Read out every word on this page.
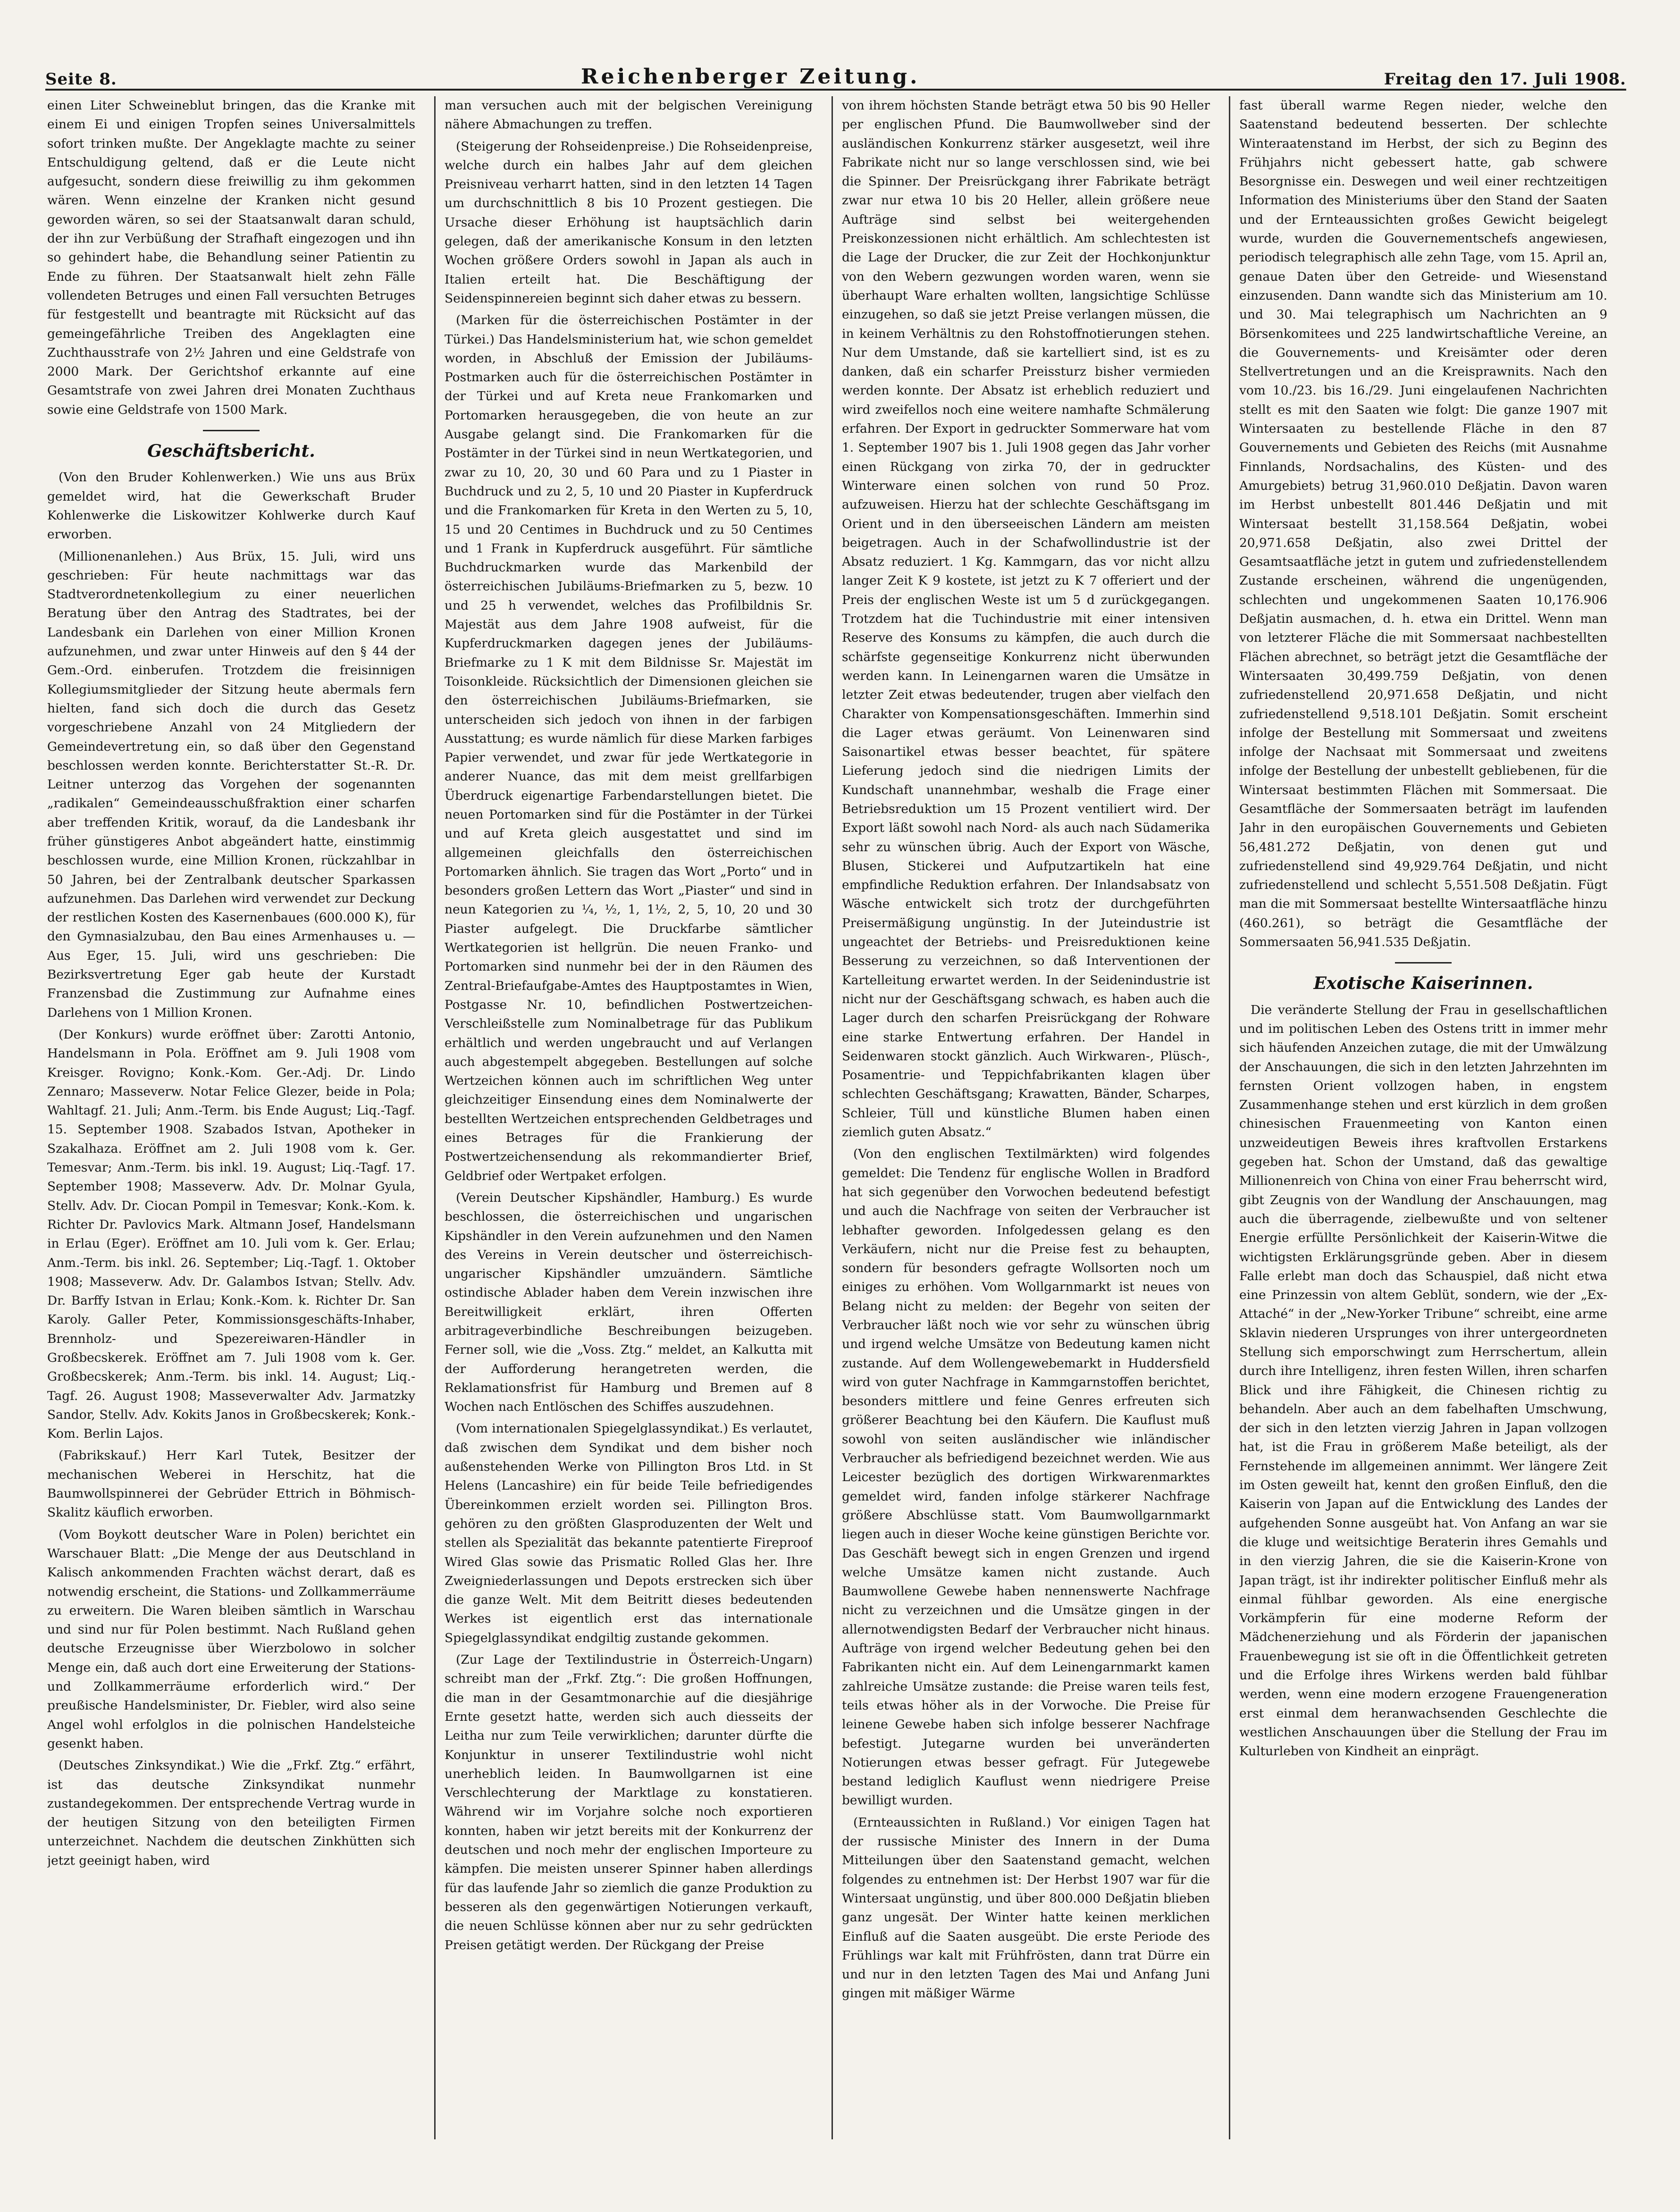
Seite 8.	Reichenberger Zeitung.	Freitag den 17. Juli 1908.

einen Liter Schweineblut bringen, das die Kranke mit einem Ei und einigen Tropfen seines Universalmittels sofort trinken mußte. Der Angeklagte machte zu seiner Entschuldigung geltend, daß er die Leute nicht aufgesucht, sondern diese freiwillig zu ihm gekommen wären. Wenn einzelne der Kranken nicht gesund geworden wären, so sei der Staatsanwalt daran schuld, der ihn zur Verbüßung der Strafhaft eingezogen und ihn so gehindert habe, die Behandlung seiner Patientin zu Ende zu führen. Der Staatsanwalt hielt zehn Fälle vollendeten Betruges und einen Fall versuchten Betruges für festgestellt und beantragte mit Rücksicht auf das gemeingefährliche Treiben des Angeklagten eine Zuchthausstrafe von 2½ Jahren und eine Geldstrafe von 2000 Mark. Der Gerichtshof erkannte auf eine Gesamtstrafe von zwei Jahren drei Monaten Zuchthaus sowie eine Geldstrafe von 1500 Mark.

Geschäftsbericht.

(Von den Bruder Kohlenwerken.) Wie uns aus Brüx gemeldet wird, hat die Gewerkschaft Bruder Kohlenwerke die Liskowitzer Kohlwerke durch Kauf erworben.

(Millionenanlehen.) Aus Brüx, 15. Juli, wird uns geschrieben: Für heute nachmittags war das Stadtverordnetenkollegium zu einer neuerlichen Beratung über den Antrag des Stadtrates, bei der Landesbank ein Darlehen von einer Million Kronen aufzunehmen, und zwar unter Hinweis auf den § 44 der Gem.-Ord. einberufen. Trotzdem die freisinnigen Kollegiumsmitglieder der Sitzung heute abermals fern hielten, fand sich doch die durch das Gesetz vorgeschriebene Anzahl von 24 Mitgliedern der Gemeindevertretung ein, so daß über den Gegenstand beschlossen werden konnte. Berichterstatter St.-R. Dr. Leitner unterzog das Vorgehen der sogenannten „radikalen“ Gemeindeausschußfraktion einer scharfen aber treffenden Kritik, worauf, da die Landesbank ihr früher günstigeres Anbot abgeändert hatte, einstimmig beschlossen wurde, eine Million Kronen, rückzahlbar in 50 Jahren, bei der Zentralbank deutscher Sparkassen aufzunehmen. Das Darlehen wird verwendet zur Deckung der restlichen Kosten des Kasernenbaues (600.000 K), für den Gymnasialzubau, den Bau eines Armenhauses u. — Aus Eger, 15. Juli, wird uns geschrieben: Die Bezirksvertretung Eger gab heute der Kurstadt Franzensbad die Zustimmung zur Aufnahme eines Darlehens von 1 Million Kronen.

(Der Konkurs) wurde eröffnet über: Zarotti Antonio, Handelsmann in Pola. Eröffnet am 9. Juli 1908 vom Kreisger. Rovigno; Konk.-Kom. Ger.-Adj. Dr. Lindo Zennaro; Masseverw. Notar Felice Glezer, beide in Pola; Wahltagf. 21. Juli; Anm.-Term. bis Ende August; Liq.-Tagf. 15. September 1908. Szabados Istvan, Apotheker in Szakalhaza. Eröffnet am 2. Juli 1908 vom k. Ger. Temesvar; Anm.-Term. bis inkl. 19. August; Liq.-Tagf. 17. September 1908; Masseverw. Adv. Dr. Molnar Gyula, Stellv. Adv. Dr. Ciocan Pompil in Temesvar; Konk.-Kom. k. Richter Dr. Pavlovics Mark. Altmann Josef, Handelsmann in Erlau (Eger). Eröffnet am 10. Juli vom k. Ger. Erlau; Anm.-Term. bis inkl. 26. September; Liq.-Tagf. 1. Oktober 1908; Masseverw. Adv. Dr. Galambos Istvan; Stellv. Adv. Dr. Barffy Istvan in Erlau; Konk.-Kom. k. Richter Dr. San Karoly. Galler Peter, Kommissionsgeschäfts-Inhaber, Brennholz- und Spezereiwaren-Händler in Großbecskerek. Eröffnet am 7. Juli 1908 vom k. Ger. Großbecskerek; Anm.-Term. bis inkl. 14. August; Liq.-Tagf. 26. August 1908; Masseverwalter Adv. Jarmatzky Sandor, Stellv. Adv. Kokits Janos in Großbecskerek; Konk.-Kom. Berlin Lajos.

(Fabrikskauf.) Herr Karl Tutek, Besitzer der mechanischen Weberei in Herschitz, hat die Baumwollspinnerei der Gebrüder Ettrich in Böhmisch-Skalitz käuflich erworben.

(Vom Boykott deutscher Ware in Polen) berichtet ein Warschauer Blatt: „Die Menge der aus Deutschland in Kalisch ankommenden Frachten wächst derart, daß es notwendig erscheint, die Stations- und Zollkammerräume zu erweitern. Die Waren bleiben sämtlich in Warschau und sind nur für Polen bestimmt. Nach Rußland gehen deutsche Erzeugnisse über Wierzbolowo in solcher Menge ein, daß auch dort eine Erweiterung der Stations- und Zollkammerräume erforderlich wird.“ Der preußische Handelsminister, Dr. Fiebler, wird also seine Angel wohl erfolglos in die polnischen Handelsteiche gesenkt haben.

(Deutsches Zinksyndikat.) Wie die „Frkf. Ztg.“ erfährt, ist das deutsche Zinksyndikat nunmehr zustandegekommen. Der entsprechende Vertrag wurde in der heutigen Sitzung von den beteiligten Firmen unterzeichnet. Nachdem die deutschen Zinkhütten sich jetzt geeinigt haben, wird

man versuchen auch mit der belgischen Vereinigung nähere Abmachungen zu treffen.

(Steigerung der Rohseidenpreise.) Die Rohseidenpreise, welche durch ein halbes Jahr auf dem gleichen Preisniveau verharrt hatten, sind in den letzten 14 Tagen um durchschnittlich 8 bis 10 Prozent gestiegen. Die Ursache dieser Erhöhung ist hauptsächlich darin gelegen, daß der amerikanische Konsum in den letzten Wochen größere Orders sowohl in Japan als auch in Italien erteilt hat. Die Beschäftigung der Seidenspinnereien beginnt sich daher etwas zu bessern.

(Marken für die österreichischen Postämter in der Türkei.) Das Handelsministerium hat, wie schon gemeldet worden, in Abschluß der Emission der Jubiläums-Postmarken auch für die österreichischen Postämter in der Türkei und auf Kreta neue Frankomarken und Portomarken herausgegeben, die von heute an zur Ausgabe gelangt sind. Die Frankomarken für die Postämter in der Türkei sind in neun Wertkategorien, und zwar zu 10, 20, 30 und 60 Para und zu 1 Piaster in Buchdruck und zu 2, 5, 10 und 20 Piaster in Kupferdruck und die Frankomarken für Kreta in den Werten zu 5, 10, 15 und 20 Centimes in Buchdruck und zu 50 Centimes und 1 Frank in Kupferdruck ausgeführt. Für sämtliche Buchdruckmarken wurde das Markenbild der österreichischen Jubiläums-Briefmarken zu 5, bezw. 10 und 25 h verwendet, welches das Profilbildnis Sr. Majestät aus dem Jahre 1908 aufweist, für die Kupferdruckmarken dagegen jenes der Jubiläums-Briefmarke zu 1 K mit dem Bildnisse Sr. Majestät im Toisonkleide. Rücksichtlich der Dimensionen gleichen sie den österreichischen Jubiläums-Briefmarken, sie unterscheiden sich jedoch von ihnen in der farbigen Ausstattung; es wurde nämlich für diese Marken farbiges Papier verwendet, und zwar für jede Wertkategorie in anderer Nuance, das mit dem meist grellfarbigen Überdruck eigenartige Farbendarstellungen bietet. Die neuen Portomarken sind für die Postämter in der Türkei und auf Kreta gleich ausgestattet und sind im allgemeinen gleichfalls den österreichischen Portomarken ähnlich. Sie tragen das Wort „Porto“ und in besonders großen Lettern das Wort „Piaster“ und sind in neun Kategorien zu ¼, ½, 1, 1½, 2, 5, 10, 20 und 30 Piaster aufgelegt. Die Druckfarbe sämtlicher Wertkategorien ist hellgrün. Die neuen Franko- und Portomarken sind nunmehr bei der in den Räumen des Zentral-Briefaufgabe-Amtes des Hauptpostamtes in Wien, Postgasse Nr. 10, befindlichen Postwertzeichen-Verschleißstelle zum Nominalbetrage für das Publikum erhältlich und werden ungebraucht und auf Verlangen auch abgestempelt abgegeben. Bestellungen auf solche Wertzeichen können auch im schriftlichen Weg unter gleichzeitiger Einsendung eines dem Nominalwerte der bestellten Wertzeichen entsprechenden Geldbetrages und eines Betrages für die Frankierung der Postwertzeichensendung als rekommandierter Brief, Geldbrief oder Wertpaket erfolgen.

(Verein Deutscher Kipshändler, Hamburg.) Es wurde beschlossen, die österreichischen und ungarischen Kipshändler in den Verein aufzunehmen und den Namen des Vereins in Verein deutscher und österreichisch-ungarischer Kipshändler umzuändern. Sämtliche ostindische Ablader haben dem Verein inzwischen ihre Bereitwilligkeit erklärt, ihren Offerten arbitrageverbindliche Beschreibungen beizugeben. Ferner soll, wie die „Voss. Ztg.“ meldet, an Kalkutta mit der Aufforderung herangetreten werden, die Reklamationsfrist für Hamburg und Bremen auf 8 Wochen nach Entlöschen des Schiffes auszudehnen.

(Vom internationalen Spiegelglassyndikat.) Es verlautet, daß zwischen dem Syndikat und dem bisher noch außenstehenden Werke von Pillington Bros Ltd. in St Helens (Lancashire) ein für beide Teile befriedigendes Übereinkommen erzielt worden sei. Pillington Bros. gehören zu den größten Glasproduzenten der Welt und stellen als Spezialität das bekannte patentierte Fireproof Wired Glas sowie das Prismatic Rolled Glas her. Ihre Zweigniederlassungen und Depots erstrecken sich über die ganze Welt. Mit dem Beitritt dieses bedeutenden Werkes ist eigentlich erst das internationale Spiegelglassyndikat endgiltig zustande gekommen.

(Zur Lage der Textilindustrie in Österreich-Ungarn) schreibt man der „Frkf. Ztg.“: Die großen Hoffnungen, die man in der Gesamtmonarchie auf die diesjährige Ernte gesetzt hatte, werden sich auch diesseits der Leitha nur zum Teile verwirklichen; darunter dürfte die Konjunktur in unserer Textilindustrie wohl nicht unerheblich leiden. In Baumwollgarnen ist eine Verschlechterung der Marktlage zu konstatieren. Während wir im Vorjahre solche noch exportieren konnten, haben wir jetzt bereits mit der Konkurrenz der deutschen und noch mehr der englischen Importeure zu kämpfen. Die meisten unserer Spinner haben allerdings für das laufende Jahr so ziemlich die ganze Produktion zu besseren als den gegenwärtigen Notierungen verkauft, die neuen Schlüsse können aber nur zu sehr gedrückten Preisen getätigt werden. Der Rückgang der Preise

von ihrem höchsten Stande beträgt etwa 50 bis 90 Heller per englischen Pfund. Die Baumwollweber sind der ausländischen Konkurrenz stärker ausgesetzt, weil ihre Fabrikate nicht nur so lange verschlossen sind, wie bei die Spinner. Der Preisrückgang ihrer Fabrikate beträgt zwar nur etwa 10 bis 20 Heller, allein größere neue Aufträge sind selbst bei weitergehenden Preiskonzessionen nicht erhältlich. Am schlechtesten ist die Lage der Drucker, die zur Zeit der Hochkonjunktur von den Webern gezwungen worden waren, wenn sie überhaupt Ware erhalten wollten, langsichtige Schlüsse einzugehen, so daß sie jetzt Preise verlangen müssen, die in keinem Verhältnis zu den Rohstoffnotierungen stehen. Nur dem Umstande, daß sie kartelliert sind, ist es zu danken, daß ein scharfer Preissturz bisher vermieden werden konnte. Der Absatz ist erheblich reduziert und wird zweifellos noch eine weitere namhafte Schmälerung erfahren. Der Export in gedruckter Sommerware hat vom 1. September 1907 bis 1. Juli 1908 gegen das Jahr vorher einen Rückgang von zirka 70, der in gedruckter Winterware einen solchen von rund 50 Proz. aufzuweisen. Hierzu hat der schlechte Geschäftsgang im Orient und in den überseeischen Ländern am meisten beigetragen. Auch in der Schafwollindustrie ist der Absatz reduziert. 1 Kg. Kammgarn, das vor nicht allzu langer Zeit K 9 kostete, ist jetzt zu K 7 offeriert und der Preis der englischen Weste ist um 5 d zurückgegangen. Trotzdem hat die Tuchindustrie mit einer intensiven Reserve des Konsums zu kämpfen, die auch durch die schärfste gegenseitige Konkurrenz nicht überwunden werden kann. In Leinengarnen waren die Umsätze in letzter Zeit etwas bedeutender, trugen aber vielfach den Charakter von Kompensationsgeschäften. Immerhin sind die Lager etwas geräumt. Von Leinenwaren sind Saisonartikel etwas besser beachtet, für spätere Lieferung jedoch sind die niedrigen Limits der Kundschaft unannehmbar, weshalb die Frage einer Betriebsreduktion um 15 Prozent ventiliert wird. Der Export läßt sowohl nach Nord- als auch nach Südamerika sehr zu wünschen übrig. Auch der Export von Wäsche, Blusen, Stickerei und Aufputzartikeln hat eine empfindliche Reduktion erfahren. Der Inlandsabsatz von Wäsche entwickelt sich trotz der durchgeführten Preisermäßigung ungünstig. In der Juteindustrie ist ungeachtet der Betriebs- und Preisreduktionen keine Besserung zu verzeichnen, so daß Interventionen der Kartelleitung erwartet werden. In der Seidenindustrie ist nicht nur der Geschäftsgang schwach, es haben auch die Lager durch den scharfen Preisrückgang der Rohware eine starke Entwertung erfahren. Der Handel in Seidenwaren stockt gänzlich. Auch Wirkwaren-, Plüsch-, Posamentrie- und Teppichfabrikanten klagen über schlechten Geschäftsgang; Krawatten, Bänder, Scharpes, Schleier, Tüll und künstliche Blumen haben einen ziemlich guten Absatz.“

(Von den englischen Textilmärkten) wird folgendes gemeldet: Die Tendenz für englische Wollen in Bradford hat sich gegenüber den Vorwochen bedeutend befestigt und auch die Nachfrage von seiten der Verbraucher ist lebhafter geworden. Infolgedessen gelang es den Verkäufern, nicht nur die Preise fest zu behaupten, sondern für besonders gefragte Wollsorten noch um einiges zu erhöhen. Vom Wollgarnmarkt ist neues von Belang nicht zu melden: der Begehr von seiten der Verbraucher läßt noch wie vor sehr zu wünschen übrig und irgend welche Umsätze von Bedeutung kamen nicht zustande. Auf dem Wollengewebemarkt in Huddersfield wird von guter Nachfrage in Kammgarnstoffen berichtet, besonders mittlere und feine Genres erfreuten sich größerer Beachtung bei den Käufern. Die Kauflust muß sowohl von seiten ausländischer wie inländischer Verbraucher als befriedigend bezeichnet werden. Wie aus Leicester bezüglich des dortigen Wirkwarenmarktes gemeldet wird, fanden infolge stärkerer Nachfrage größere Abschlüsse statt. Vom Baumwollgarnmarkt liegen auch in dieser Woche keine günstigen Berichte vor. Das Geschäft bewegt sich in engen Grenzen und irgend welche Umsätze kamen nicht zustande. Auch Baumwollene Gewebe haben nennenswerte Nachfrage nicht zu verzeichnen und die Umsätze gingen in der allernotwendigsten Bedarf der Verbraucher nicht hinaus. Aufträge von irgend welcher Bedeutung gehen bei den Fabrikanten nicht ein. Auf dem Leinengarnmarkt kamen zahlreiche Umsätze zustande: die Preise waren teils fest, teils etwas höher als in der Vorwoche. Die Preise für leinene Gewebe haben sich infolge besserer Nachfrage befestigt. Jutegarne wurden bei unveränderten Notierungen etwas besser gefragt. Für Jutegewebe bestand lediglich Kauflust wenn niedrigere Preise bewilligt wurden.

(Ernteaussichten in Rußland.) Vor einigen Tagen hat der russische Minister des Innern in der Duma Mitteilungen über den Saatenstand gemacht, welchen folgendes zu entnehmen ist: Der Herbst 1907 war für die Wintersaat ungünstig, und über 800.000 Deßjatin blieben ganz ungesät. Der Winter hatte keinen merklichen Einfluß auf die Saaten ausgeübt. Die erste Periode des Frühlings war kalt mit Frühfrösten, dann trat Dürre ein und nur in den letzten Tagen des Mai und Anfang Juni gingen mit mäßiger Wärme

fast überall warme Regen nieder, welche den Saatenstand bedeutend besserten. Der schlechte Winteraatenstand im Herbst, der sich zu Beginn des Frühjahrs nicht gebessert hatte, gab schwere Besorgnisse ein. Deswegen und weil einer rechtzeitigen Information des Ministeriums über den Stand der Saaten und der Ernteaussichten großes Gewicht beigelegt wurde, wurden die Gouvernementschefs angewiesen, periodisch telegraphisch alle zehn Tage, vom 15. April an, genaue Daten über den Getreide- und Wiesenstand einzusenden. Dann wandte sich das Ministerium am 10. und 30. Mai telegraphisch um Nachrichten an 9 Börsenkomitees und 225 landwirtschaftliche Vereine, an die Gouvernements- und Kreisämter oder deren Stellvertretungen und an die Kreisprawnits. Nach den vom 10./23. bis 16./29. Juni eingelaufenen Nachrichten stellt es mit den Saaten wie folgt: Die ganze 1907 mit Wintersaaten zu bestellende Fläche in den 87 Gouvernements und Gebieten des Reichs (mit Ausnahme Finnlands, Nordsachalins, des Küsten- und des Amurgebiets) betrug 31,960.010 Deßjatin. Davon waren im Herbst unbestellt 801.446 Deßjatin und mit Wintersaat bestellt 31,158.564 Deßjatin, wobei 20,971.658 Deßjatin, also zwei Drittel der Gesamtsaatfläche jetzt in gutem und zufriedenstellendem Zustande erscheinen, während die ungenügenden, schlechten und ungekommenen Saaten 10,176.906 Deßjatin ausmachen, d. h. etwa ein Drittel. Wenn man von letzterer Fläche die mit Sommersaat nachbestellten Flächen abrechnet, so beträgt jetzt die Gesamtfläche der Wintersaaten 30,499.759 Deßjatin, von denen zufriedenstellend 20,971.658 Deßjatin, und nicht zufriedenstellend 9,518.101 Deßjatin. Somit erscheint infolge der Bestellung mit Sommersaat und zweitens infolge der Nachsaat mit Sommersaat und zweitens infolge der Bestellung der unbestellt gebliebenen, für die Wintersaat bestimmten Flächen mit Sommersaat. Die Gesamtfläche der Sommersaaten beträgt im laufenden Jahr in den europäischen Gouvernements und Gebieten 56,481.272 Deßjatin, von denen gut und zufriedenstellend sind 49,929.764 Deßjatin, und nicht zufriedenstellend und schlecht 5,551.508 Deßjatin. Fügt man die mit Sommersaat bestellte Wintersaatfläche hinzu (460.261), so beträgt die Gesamtfläche der Sommersaaten 56,941.535 Deßjatin.

Exotische Kaiserinnen.

Die veränderte Stellung der Frau in gesellschaftlichen und im politischen Leben des Ostens tritt in immer mehr sich häufenden Anzeichen zutage, die mit der Umwälzung der Anschauungen, die sich in den letzten Jahrzehnten im fernsten Orient vollzogen haben, in engstem Zusammenhange stehen und erst kürzlich in dem großen chinesischen Frauenmeeting von Kanton einen unzweideutigen Beweis ihres kraftvollen Erstarkens gegeben hat. Schon der Umstand, daß das gewaltige Millionenreich von China von einer Frau beherrscht wird, gibt Zeugnis von der Wandlung der Anschauungen, mag auch die überragende, zielbewußte und von seltener Energie erfüllte Persönlichkeit der Kaiserin-Witwe die wichtigsten Erklärungsgründe geben. Aber in diesem Falle erlebt man doch das Schauspiel, daß nicht etwa eine Prinzessin von altem Geblüt, sondern, wie der „Ex-Attaché“ in der „New-Yorker Tribune“ schreibt, eine arme Sklavin niederen Ursprunges von ihrer untergeordneten Stellung sich emporschwingt zum Herrschertum, allein durch ihre Intelligenz, ihren festen Willen, ihren scharfen Blick und ihre Fähigkeit, die Chinesen richtig zu behandeln. Aber auch an dem fabelhaften Umschwung, der sich in den letzten vierzig Jahren in Japan vollzogen hat, ist die Frau in größerem Maße beteiligt, als der Fernstehende im allgemeinen annimmt. Wer längere Zeit im Osten geweilt hat, kennt den großen Einfluß, den die Kaiserin von Japan auf die Entwicklung des Landes der aufgehenden Sonne ausgeübt hat. Von Anfang an war sie die kluge und weitsichtige Beraterin ihres Gemahls und in den vierzig Jahren, die sie die Kaiserin-Krone von Japan trägt, ist ihr indirekter politischer Einfluß mehr als einmal fühlbar geworden. Als eine energische Vorkämpferin für eine moderne Reform der Mädchenerziehung und als Förderin der japanischen Frauenbewegung ist sie oft in die Öffentlichkeit getreten und die Erfolge ihres Wirkens werden bald fühlbar werden, wenn eine modern erzogene Frauengeneration erst einmal dem heranwachsenden Geschlechte die westlichen Anschauungen über die Stellung der Frau im Kulturleben von Kindheit an einprägt.
